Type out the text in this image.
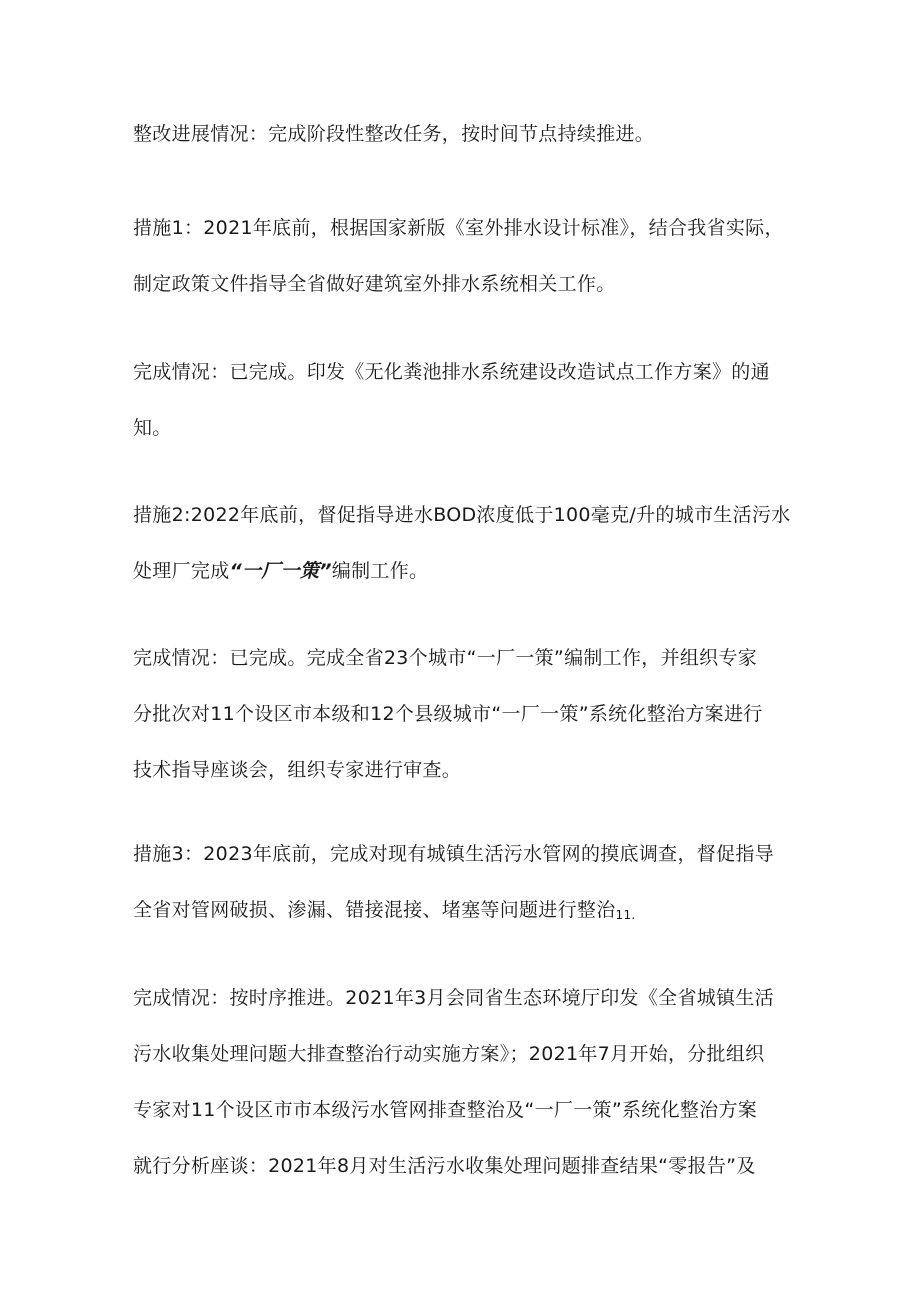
整改进展情况：完成阶段性整改任务，按时间节点持续推进。

措施1：2021年底前，根据国家新版《室外排水设计标准》，结合我省实际，
制定政策文件指导全省做好建筑室外排水系统相关工作。

完成情况：已完成。印发《无化粪池排水系统建设改造试点工作方案》的通
知。

措施2:2022年底前，督促指导进水BOD浓度低于100毫克/升的城市生活污水
处理厂完成“一厂一策”编制工作。

完成情况：已完成。完成全省23个城市“一厂一策”编制工作，并组织专家
分批次对11个设区市本级和12个县级城市“一厂一策”系统化整治方案进行
技术指导座谈会，组织专家进行审查。

措施3：2023年底前，完成对现有城镇生活污水管网的摸底调查，督促指导
全省对管网破损、渗漏、错接混接、堵塞等问题进行整治11.

完成情况：按时序推进。2021年3月会同省生态环境厅印发《全省城镇生活
污水收集处理问题大排查整治行动实施方案》；2021年7月开始，分批组织
专家对11个设区市市本级污水管网排查整治及“一厂一策”系统化整治方案
就行分析座谈：2021年8月对生活污水收集处理问题排查结果“零报告”及
